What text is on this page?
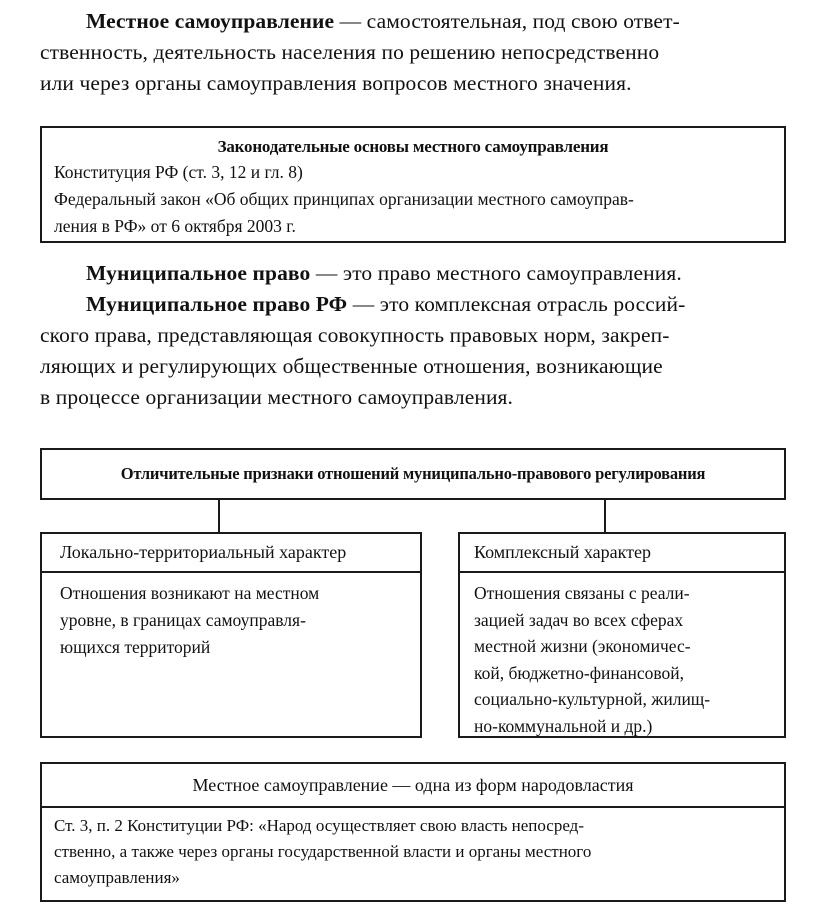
Местное самоуправление — самостоятельная, под свою ответ-
ственность, деятельность населения по решению непосредственно
или через органы самоуправления вопросов местного значения.
Законодательные основы местного самоуправления
Конституция РФ (ст. 3, 12 и гл. 8)
Федеральный закон «Об общих принципах организации местного самоуправ-
ления в РФ» от 6 октября 2003 г.
Муниципальное право — это право местного самоуправления.
Муниципальное право РФ — это комплексная отрасль россий-
ского права, представляющая совокупность правовых норм, закреп-
ляющих и регулирующих общественные отношения, возникающие
в процессе организации местного самоуправления.
Отличительные признаки отношений муниципально-правового регулирования
Локально-территориальный характер
Отношения возникают на местном
уровне, в границах самоуправля-
ющихся территорий
Комплексный характер
Отношения связаны с реали-
зацией задач во всех сферах
местной жизни (экономичес-
кой, бюджетно-финансовой,
социально-культурной, жилищ-
но-коммунальной и др.)
Местное самоуправление — одна из форм народовластия
Ст. 3, п. 2 Конституции РФ: «Народ осуществляет свою власть непосред-
ственно, а также через органы государственной власти и органы местного
самоуправления»
